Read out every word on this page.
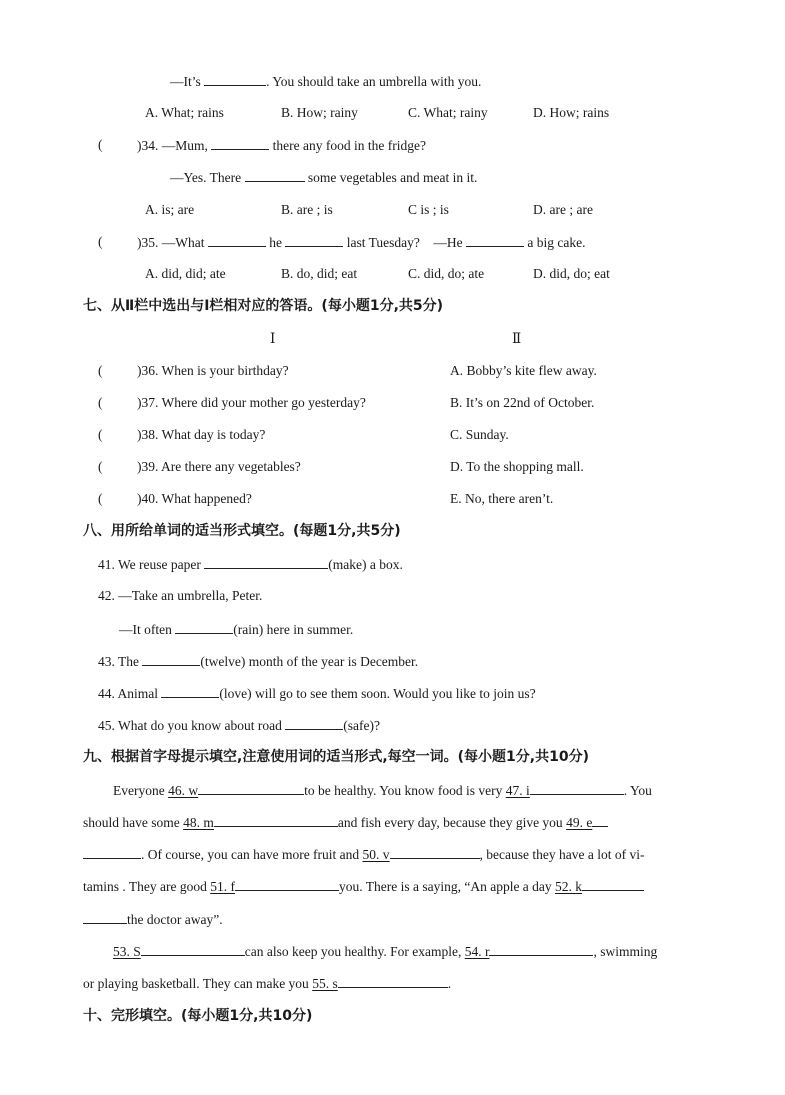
—It’s	. You should take an umbrella with you.
A. What; rains	B. How; rainy	C. What; rainy	D. How; rains
(	)34. —Mum,	there any food in the fridge?
—Yes. There	some vegetables and meat in it.
A. is; are	B. are ; is	C is ; is	D. are ; are
(	)35. —What	he	last Tuesday? —He	a big cake.
A. did, did; ate	B. do, did; eat	C. did, do; ate	D. did, do; eat
七、从Ⅱ栏中选出与Ⅰ栏相对应的答语。(每小题1分,共5分)
Ⅰ	Ⅱ
(	)36. When is your birthday?	A. Bobby’s kite flew away.
(	)37. Where did your mother go yesterday?	B. It’s on 22nd of October.
(	)38. What day is today?	C. Sunday.
(	)39. Are there any vegetables?	D. To the shopping mall.
(	)40. What happened?	E. No, there aren’t.
八、用所给单词的适当形式填空。(每题1分,共5分)
41. We reuse paper	(make) a box.
42. —Take an umbrella, Peter.
—It often	(rain) here in summer.
43. The	(twelve) month of the year is December.
44. Animal	(love) will go to see them soon. Would you like to join us?
45. What do you know about road	(safe)?
九、根据首字母提示填空,注意使用词的适当形式,每空一词。(每小题1分,共10分)
Everyone 46. w	to be healthy. You know food is very 47. i	. You
should have some 48. m	and fish every day, because they give you 49. e
. Of course, you can have more fruit and 50. v	, because they have a lot of vi-
tamins . They are good 51. f	you. There is a saying, “An apple a day 52. k
the doctor away”.
53. S	can also keep you healthy. For example, 54. r	, swimming
or playing basketball. They can make you 55. s	.
十、完形填空。(每小题1分,共10分)
